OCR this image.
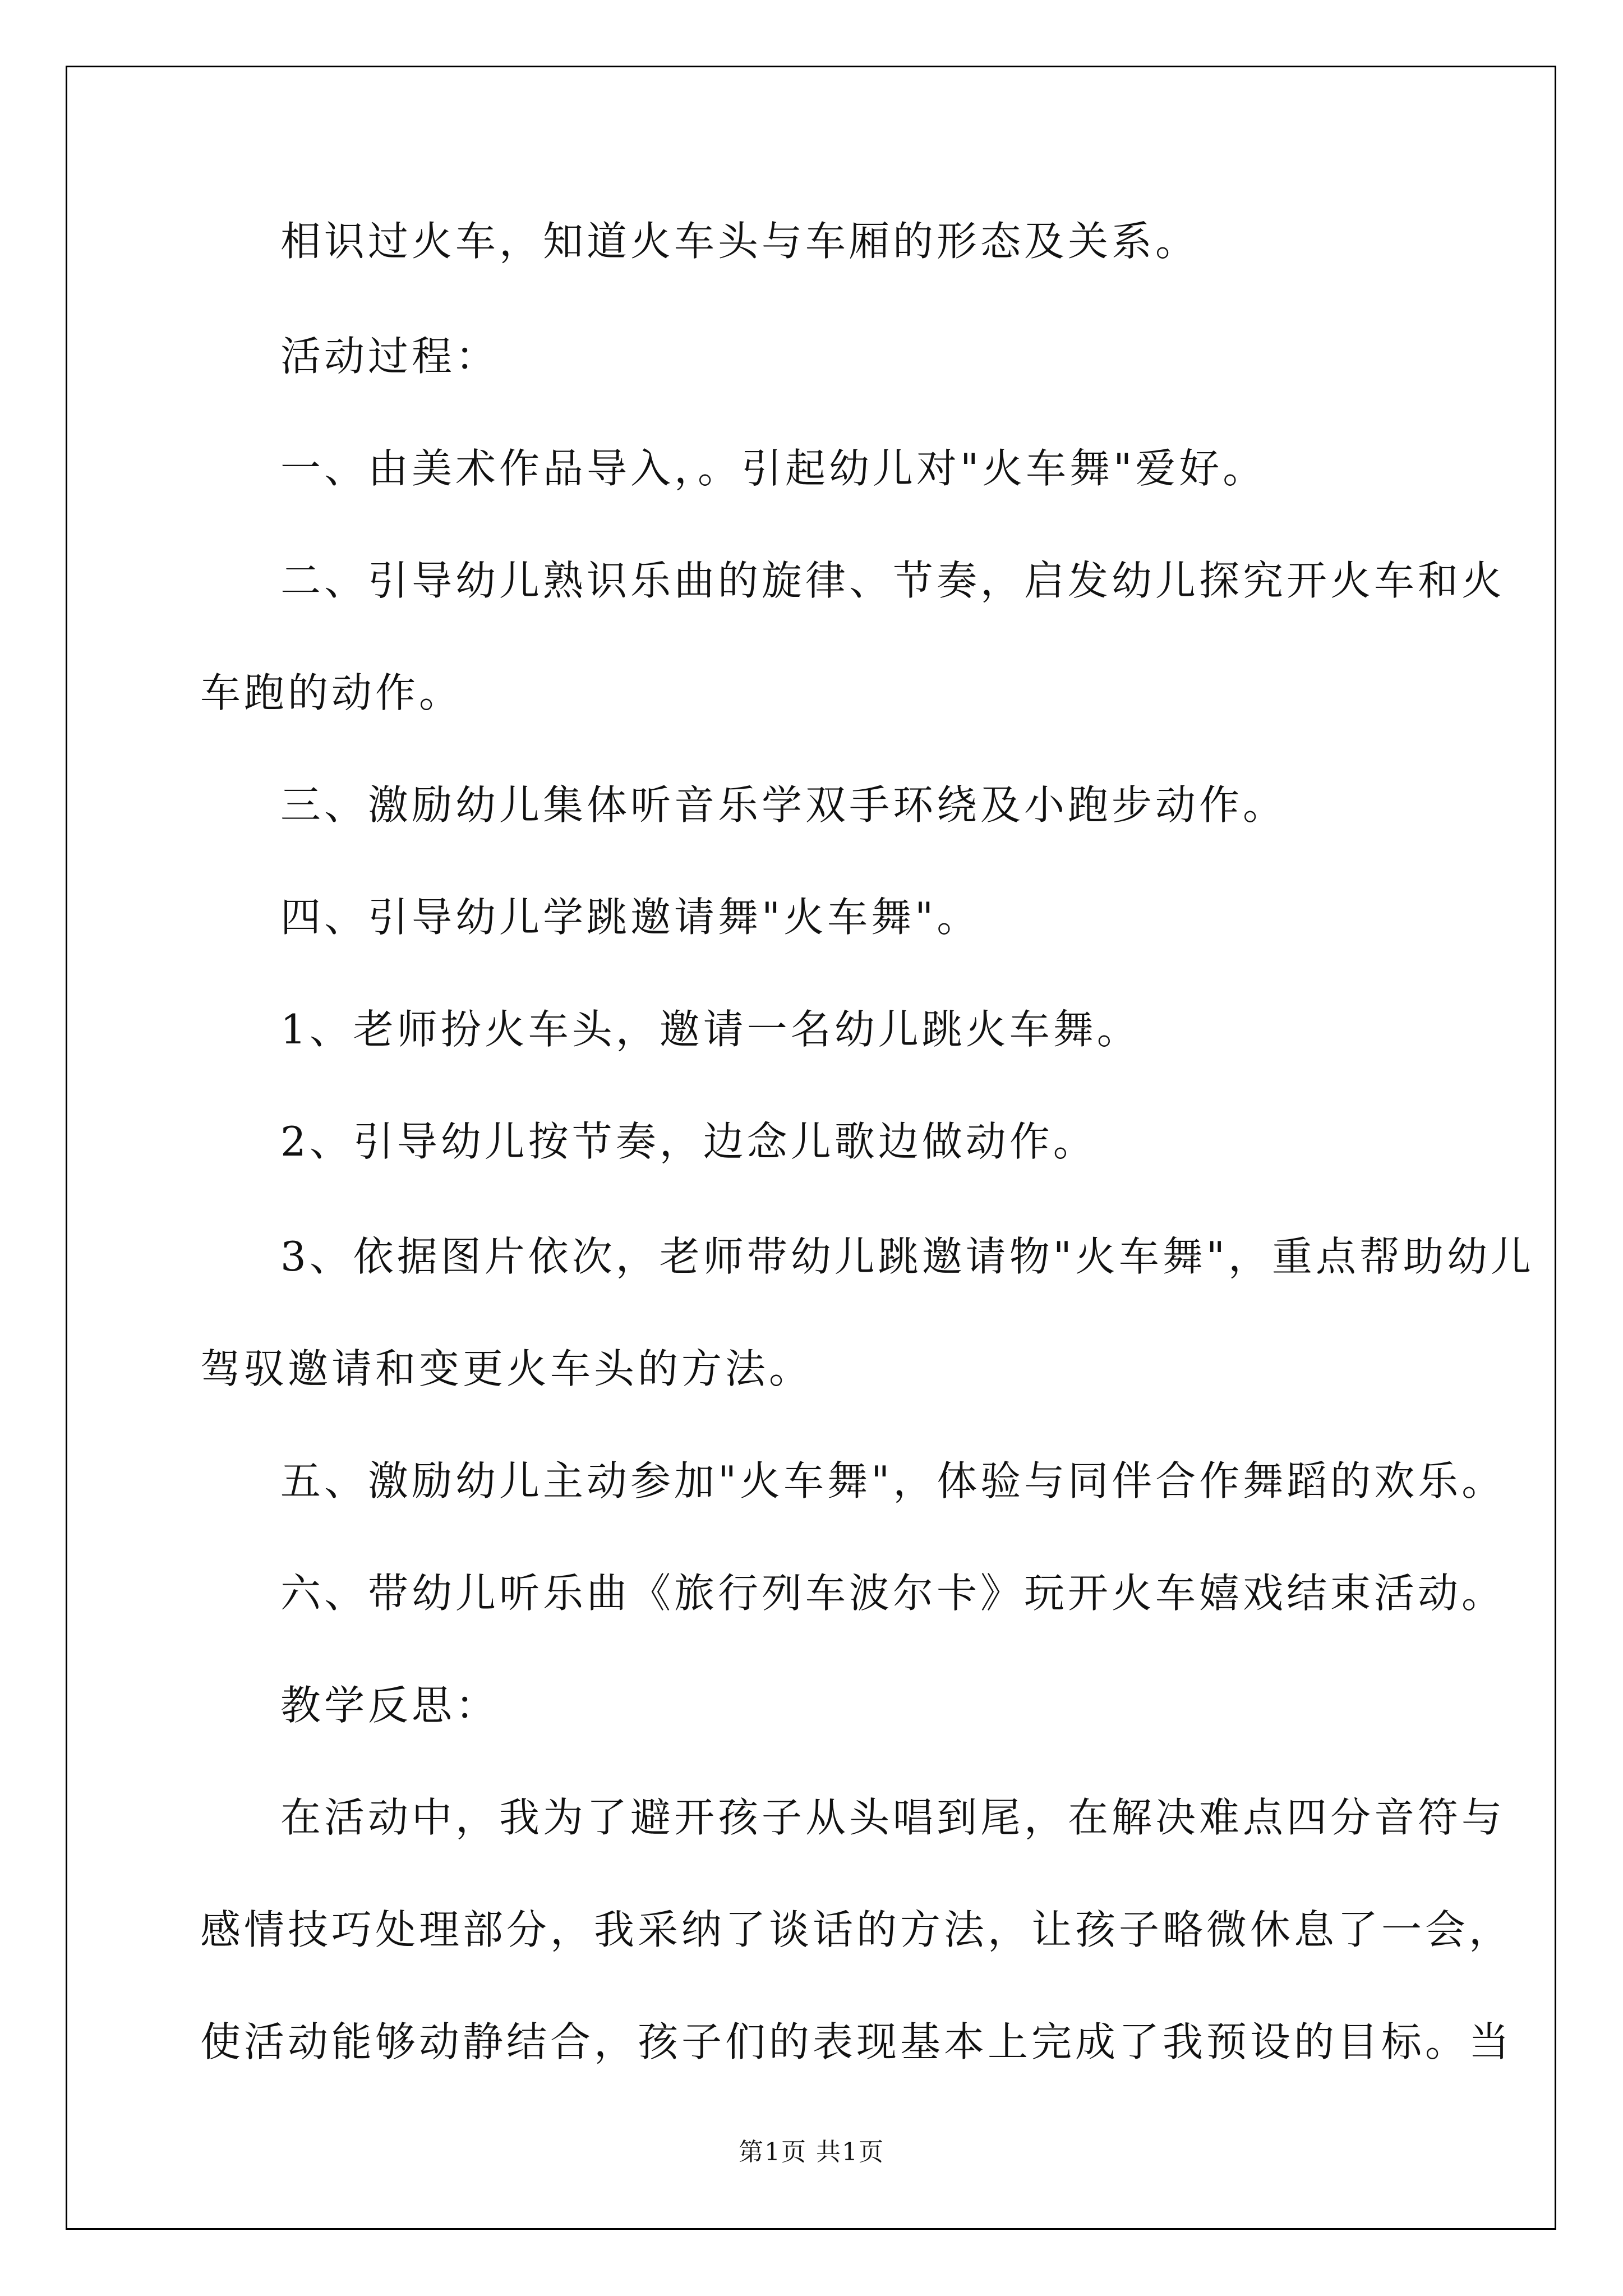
相识过火车，知道火车头与车厢的形态及关系。

活动过程：

一、由美术作品导入，。引起幼儿对"火车舞"爱好。

二、引导幼儿熟识乐曲的旋律、节奏，启发幼儿探究开火车和火

车跑的动作。

三、激励幼儿集体听音乐学双手环绕及小跑步动作。

四、引导幼儿学跳邀请舞"火车舞"。

1、老师扮火车头，邀请一名幼儿跳火车舞。

2、引导幼儿按节奏，边念儿歌边做动作。

3、依据图片依次，老师带幼儿跳邀请物"火车舞"，重点帮助幼儿

驾驭邀请和变更火车头的方法。

五、激励幼儿主动参加"火车舞"，体验与同伴合作舞蹈的欢乐。

六、带幼儿听乐曲《旅行列车波尔卡》玩开火车嬉戏结束活动。

教学反思：

在活动中，我为了避开孩子从头唱到尾，在解决难点四分音符与

感情技巧处理部分，我采纳了谈话的方法，让孩子略微休息了一会，

使活动能够动静结合，孩子们的表现基本上完成了我预设的目标。当

第1页 共1页
